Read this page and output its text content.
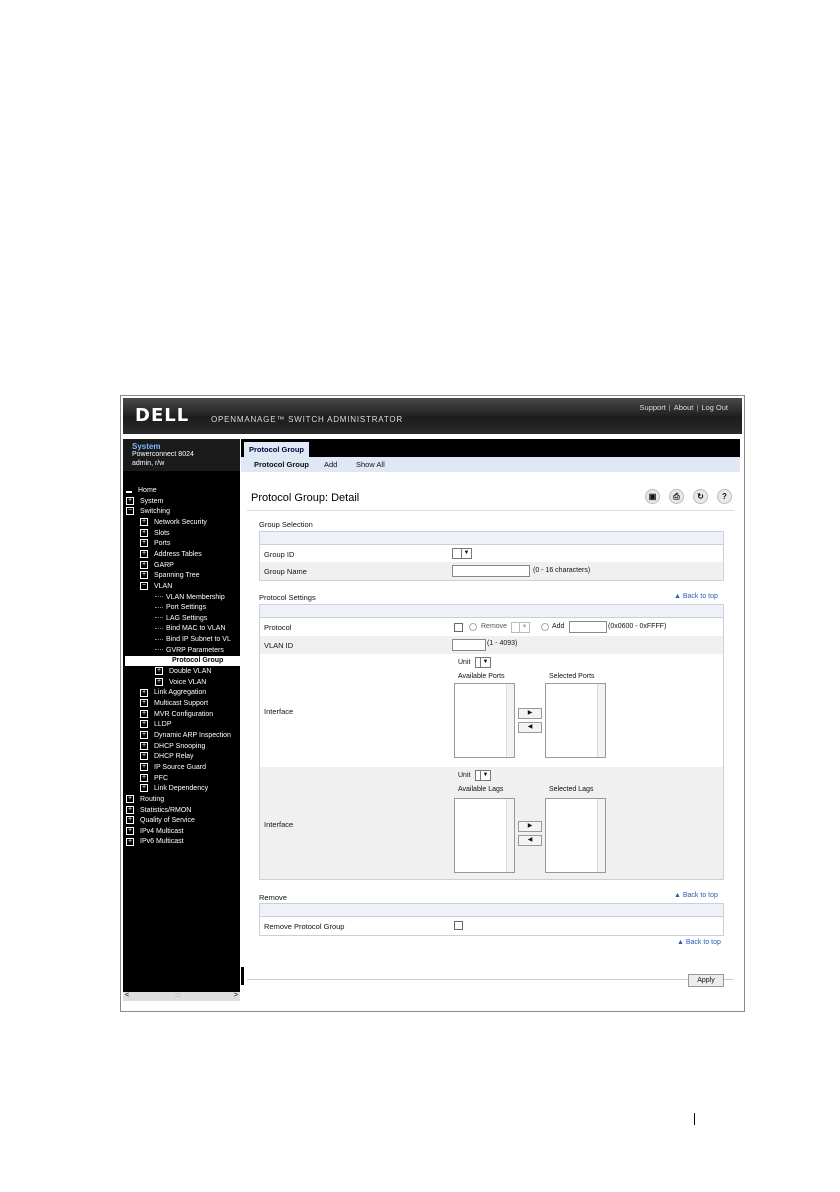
DELL	OPENMANAGE™ SWITCH ADMINISTRATOR
Support | About | Log Out
System
Powerconnect 8024
admin, r/w
Home
+ System
− Switching
+ Network Security
+ Slots
+ Ports
+ Address Tables
+ GARP
+ Spanning Tree
− VLAN
VLAN Membership
Port Settings
LAG Settings
Bind MAC to VLAN
Bind IP Subnet to VL
GVRP Parameters
Protocol Group
+ Double VLAN
+ Voice VLAN
+ Link Aggregation
+ Multicast Support
+ MVR Configuration
+ LLDP
+ Dynamic ARP Inspection
+ DHCP Snooping
+ DHCP Relay
+ IP Source Guard
+ PFC
+ Link Dependency
+ Routing
+ Statistics/RMON
+ Quality of Service
+ IPv4 Multicast
+ IPv6 Multicast
<	:::	>
Protocol Group
Protocol Group Add Show All
Protocol Group: Detail	▣ ⎙ ↻ ?
Group Selection
Group ID	▼
Group Name	(0 - 16 characters)
Protocol Settings	▲ Back to top
Protocol	Remove	▼	Add	(0x0600 - 0xFFFF)
VLAN ID	(1 - 4093)
Interface
Unit	▼
Available Ports	Selected Ports
▶
◀
Interface
Unit	▼
Available Lags	Selected Lags
▶
◀
Remove	▲ Back to top
Remove Protocol Group
▲ Back to top
Apply
